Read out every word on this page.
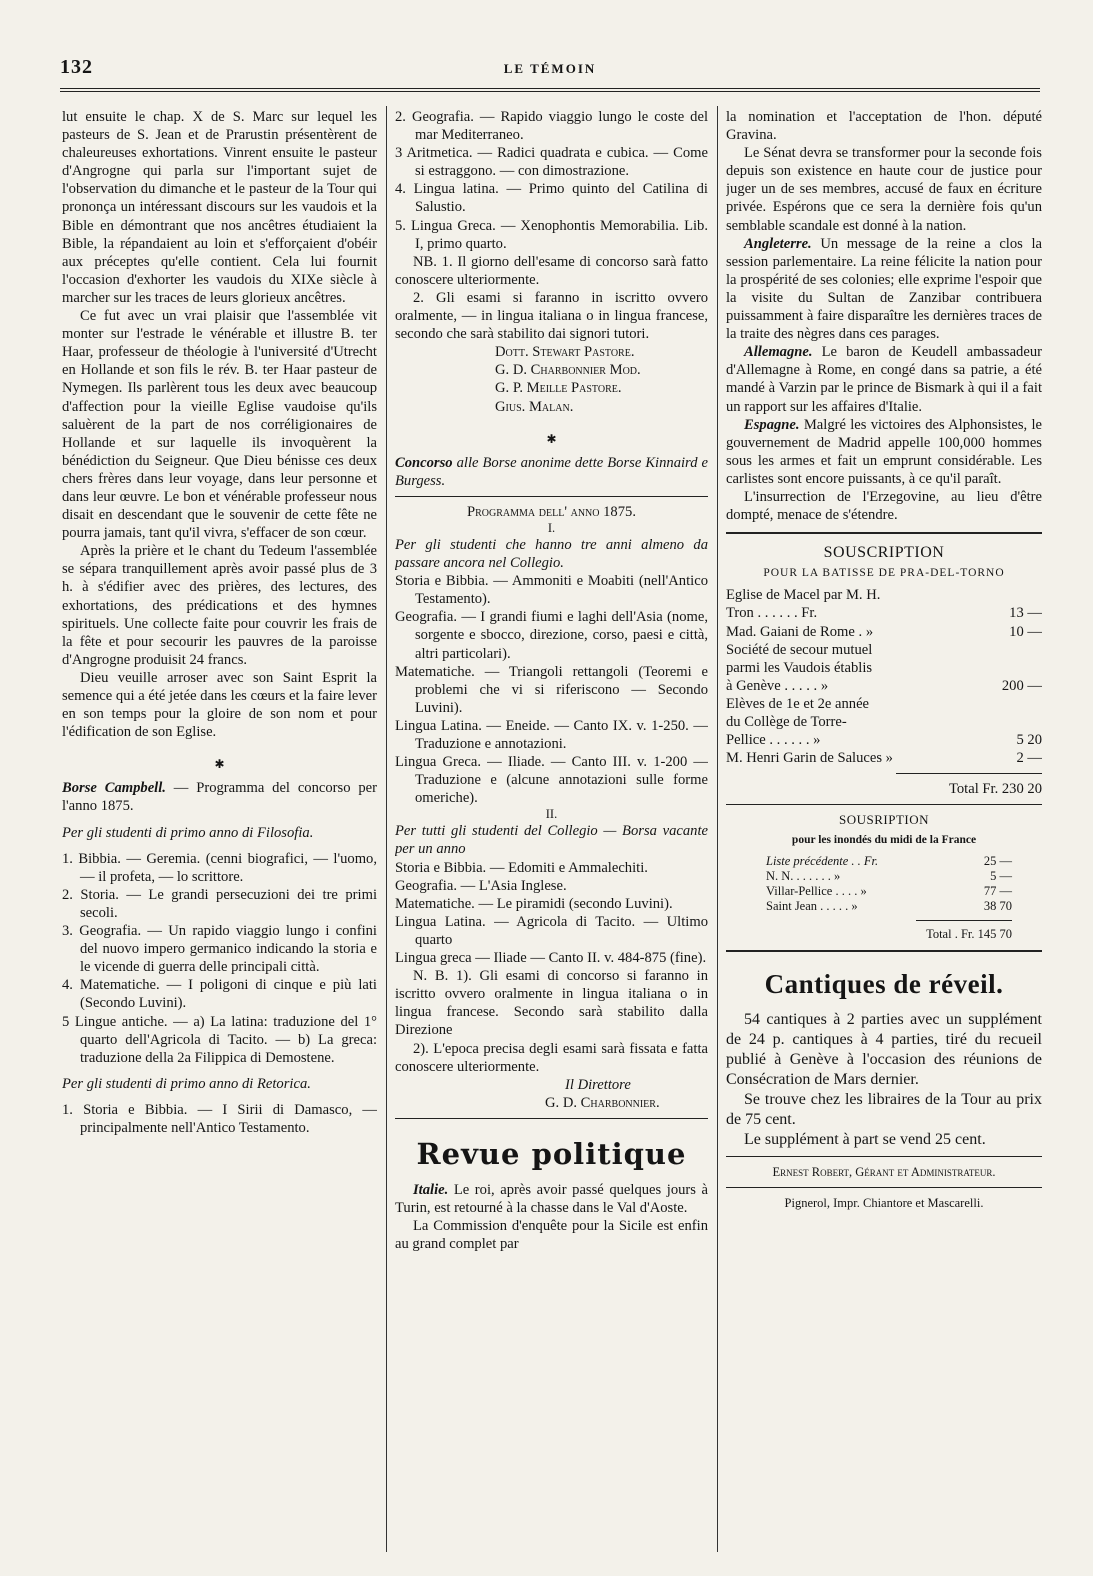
132	LE TÉMOIN

lut ensuite le chap. X de S. Marc sur lequel les pasteurs de S. Jean et de Prarustin présentèrent de chaleureuses exhortations. Vinrent ensuite le pasteur d'Angrogne qui parla sur l'important sujet de l'observation du dimanche et le pasteur de la Tour qui prononça un intéressant discours sur les vaudois et la Bible en démontrant que nos ancêtres étudiaient la Bible, la répandaient au loin et s'efforçaient d'obéir aux préceptes qu'elle contient. Cela lui fournit l'occasion d'exhorter les vaudois du XIXe siècle à marcher sur les traces de leurs glorieux ancêtres.

Ce fut avec un vrai plaisir que l'assemblée vit monter sur l'estrade le vénérable et illustre B. ter Haar, professeur de théologie à l'université d'Utrecht en Hollande et son fils le rév. B. ter Haar pasteur de Nymegen. Ils parlèrent tous les deux avec beaucoup d'affection pour la vieille Eglise vaudoise qu'ils saluèrent de la part de nos corréligionaires de Hollande et sur laquelle ils invoquèrent la bénédiction du Seigneur. Que Dieu bénisse ces deux chers frères dans leur voyage, dans leur personne et dans leur œuvre. Le bon et vénérable professeur nous disait en descendant que le souvenir de cette fête ne pourra jamais, tant qu'il vivra, s'effacer de son cœur.

Après la prière et le chant du Tedeum l'assemblée se sépara tranquillement après avoir passé plus de 3 h. à s'édifier avec des prières, des lectures, des exhortations, des prédications et des hymnes spirituels. Une collecte faite pour couvrir les frais de la fête et pour secourir les pauvres de la paroisse d'Angrogne produisit 24 francs.

Dieu veuille arroser avec son Saint Esprit la semence qui a été jetée dans les cœurs et la faire lever en son temps pour la gloire de son nom et pour l'édification de son Eglise.

✱

Borse Campbell. — Programma del concorso per l'anno 1875.

Per gli studenti di primo anno di Filosofia.

1. Bibbia. — Geremia. (cenni biografici, — l'uomo, — il profeta, — lo scrittore.

2. Storia. — Le grandi persecuzioni dei tre primi secoli.

3. Geografia. — Un rapido viaggio lungo i confini del nuovo impero germanico indicando la storia e le vicende di guerra delle principali città.

4. Matematiche. — I poligoni di cinque e più lati (Secondo Luvini).

5 Lingue antiche. — a) La latina: traduzione del 1° quarto dell'Agricola di Tacito. — b) La greca: traduzione della 2a Filippica di Demostene.

Per gli studenti di primo anno di Retorica.

1. Storia e Bibbia. — I Sirii di Damasco, — principalmente nell'Antico Testamento.

2. Geografia. — Rapido viaggio lungo le coste del mar Mediterraneo.

3 Aritmetica. — Radici quadrata e cubica. — Come si estraggono. — con dimostrazione.

4. Lingua latina. — Primo quinto del Catilina di Salustio.

5. Lingua Greca. — Xenophontis Memorabilia. Lib. I, primo quarto.

NB. 1. Il giorno dell'esame di concorso sarà fatto conoscere ulteriormente.

2. Gli esami si faranno in iscritto ovvero oralmente, — in lingua italiana o in lingua francese, secondo che sarà stabilito dai signori tutori.

Dott. Stewart Pastore.

G. D. Charbonnier Mod.

G. P. Meille Pastore.

Gius. Malan.

✱

Concorso alle Borse anonime dette Borse Kinnaird e Burgess.

Programma dell' anno 1875.

I.

Per gli studenti che hanno tre anni almeno da passare ancora nel Collegio.

Storia e Bibbia. — Ammoniti e Moabiti (nell'Antico Testamento).

Geografia. — I grandi fiumi e laghi dell'Asia (nome, sorgente e sbocco, direzione, corso, paesi e città, altri particolari).

Matematiche. — Triangoli rettangoli (Teoremi e problemi che vi si riferiscono — Secondo Luvini).

Lingua Latina. — Eneide. — Canto IX. v. 1-250. — Traduzione e annotazioni.

Lingua Greca. — Iliade. — Canto III. v. 1-200 — Traduzione e (alcune annotazioni sulle forme omeriche).

II.

Per tutti gli studenti del Collegio — Borsa vacante per un anno

Storia e Bibbia. — Edomiti e Ammalechiti.

Geografia. — L'Asia Inglese.

Matematiche. — Le piramidi (secondo Luvini).

Lingua Latina. — Agricola di Tacito. — Ultimo quarto

Lingua greca — Iliade — Canto II. v. 484-875 (fine).

N. B. 1). Gli esami di concorso si faranno in iscritto ovvero oralmente in lingua italiana o in lingua francese. Secondo sarà stabilito dalla Direzione

2). L'epoca precisa degli esami sarà fissata e fatta conoscere ulteriormente.

Il Direttore

G. D. Charbonnier.

Revue politique

Italie. Le roi, après avoir passé quelques jours à Turin, est retourné à la chasse dans le Val d'Aoste.

La Commission d'enquête pour la Sicile est enfin au grand complet par

la nomination et l'acceptation de l'hon. député Gravina.

Le Sénat devra se transformer pour la seconde fois depuis son existence en haute cour de justice pour juger un de ses membres, accusé de faux en écriture privée. Espérons que ce sera la dernière fois qu'un semblable scandale est donné à la nation.

Angleterre. Un message de la reine a clos la session parlementaire. La reine félicite la nation pour la prospérité de ses colonies; elle exprime l'espoir que la visite du Sultan de Zanzibar contribuera puissamment à faire disparaître les dernières traces de la traite des nègres dans ces parages.

Allemagne. Le baron de Keudell ambassadeur d'Allemagne à Rome, en congé dans sa patrie, a été mandé à Varzin par le prince de Bismark à qui il a fait un rapport sur les affaires d'Italie.

Espagne. Malgré les victoires des Alphonsistes, le gouvernement de Madrid appelle 100,000 hommes sous les armes et fait un emprunt considérable. Les carlistes sont encore puissants, à ce qu'il paraît.

L'insurrection de l'Erzegovine, au lieu d'être dompté, menace de s'étendre.

SOUSCRIPTION
POUR LA BATISSE DE PRA-DEL-TORNO
Eglise de Macel par M. H.
Tron . . . . . . Fr.	13 —
Mad. Gaiani de Rome . »	10 —
Société de secour mutuel
parmi les Vaudois établis
à Genève . . . . . »	200 —
Elèves de 1e et 2e année
du Collège de Torre-
Pellice . . . . . . »	5 20
M. Henri Garin de Saluces »	2 —

Total Fr. 230 20

SOUSRIPTION
pour les inondés du midi de la France
Liste précédente . . Fr.	25 —
N. N. . . . . . . »	5 —
Villar-Pellice . . . . »	77 —
Saint Jean . . . . . »	38 70

Total . Fr. 145 70

Cantiques de réveil.

54 cantiques à 2 parties avec un supplément de 24 p. cantiques à 4 parties, tiré du recueil publié à Genève à l'occasion des réunions de Consécration de Mars dernier.

Se trouve chez les libraires de la Tour au prix de 75 cent.

Le supplément à part se vend 25 cent.

Ernest Robert, Gérant et Administrateur.

Pignerol, Impr. Chiantore et Mascarelli.
